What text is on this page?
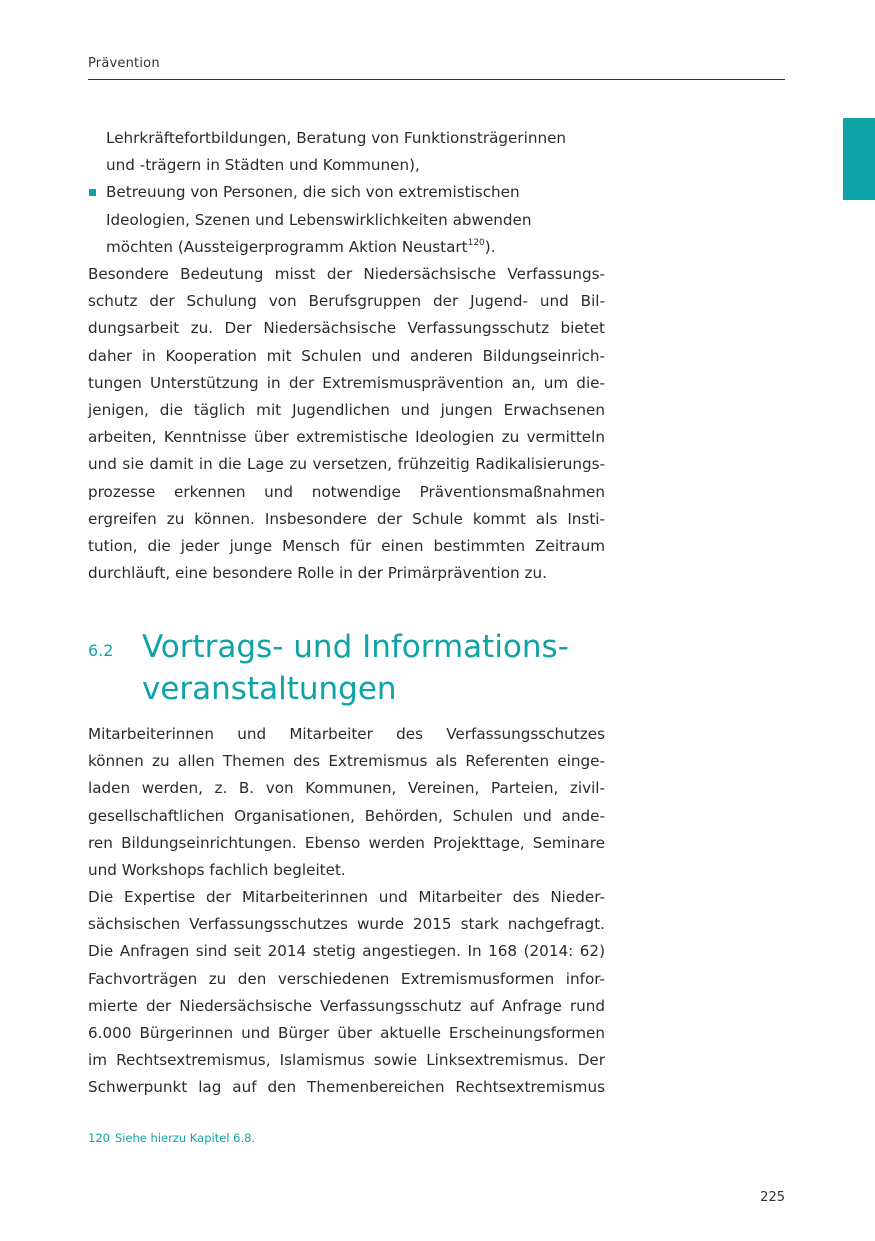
Prävention
Lehrkräftefortbildungen, Beratung von Funktionsträgerinnen
und -trägern in Städten und Kommunen),
Betreuung von Personen, die sich von extremistischen
Ideologien, Szenen und Lebenswirklichkeiten abwenden
möchten (Aussteigerprogramm Aktion Neustart$^{120}$).
Besondere Bedeutung misst der Niedersächsische Verfassungs-
schutz der Schulung von Berufsgruppen der Jugend- und Bil-
dungsarbeit zu. Der Niedersächsische Verfassungsschutz bietet
daher in Kooperation mit Schulen und anderen Bildungseinrich-
tungen Unterstützung in der Extremismusprävention an, um die-
jenigen, die täglich mit Jugendlichen und jungen Erwachsenen
arbeiten, Kenntnisse über extremistische Ideologien zu vermitteln
und sie damit in die Lage zu versetzen, frühzeitig Radikalisierungs-
prozesse erkennen und notwendige Präventionsmaßnahmen
ergreifen zu können. Insbesondere der Schule kommt als Insti-
tution, die jeder junge Mensch für einen bestimmten Zeitraum
durchläuft, eine besondere Rolle in der Primärprävention zu.
6.2 Vortrags- und Informations-
veranstaltungen
Mitarbeiterinnen und Mitarbeiter des Verfassungsschutzes
können zu allen Themen des Extremismus als Referenten einge-
laden werden, z. B. von Kommunen, Vereinen, Parteien, zivil-
gesellschaftlichen Organisationen, Behörden, Schulen und ande-
ren Bildungseinrichtungen. Ebenso werden Projekttage, Seminare
und Workshops fachlich begleitet.
Die Expertise der Mitarbeiterinnen und Mitarbeiter des Nieder-
sächsischen Verfassungsschutzes wurde 2015 stark nachgefragt.
Die Anfragen sind seit 2014 stetig angestiegen. In 168 (2014: 62)
Fachvorträgen zu den verschiedenen Extremismusformen infor-
mierte der Niedersächsische Verfassungsschutz auf Anfrage rund
6.000 Bürgerinnen und Bürger über aktuelle Erscheinungsformen
im Rechtsextremismus, Islamismus sowie Linksextremismus. Der
Schwerpunkt lag auf den Themenbereichen Rechtsextremismus
120 Siehe hierzu Kapitel 6.8.
225
